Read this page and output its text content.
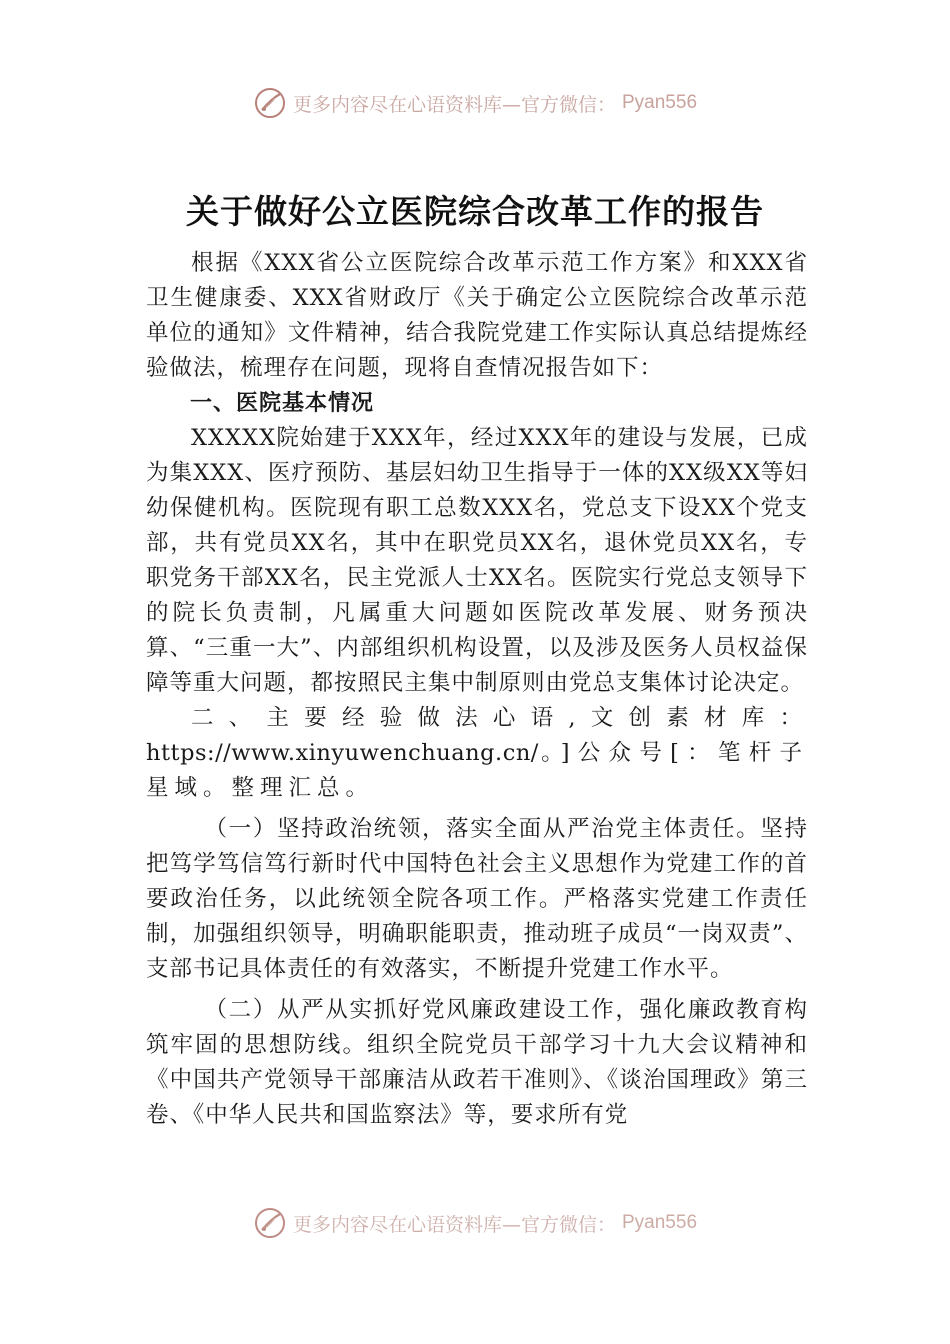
更多内容尽在心语资料库—官方微信： Pyan556
关于做好公立医院综合改革工作的报告

根据《XXX省公立医院综合改革示范工作方案》和XXX省卫生健康委、XXX省财政厅《关于确定公立医院综合改革示范单位的通知》文件精神，结合我院党建工作实际认真总结提炼经验做法，梳理存在问题，现将自查情况报告如下：

一、医院基本情况

XXXXX院始建于XXX年，经过XXX年的建设与发展，已成为集XXX、医疗预防、基层妇幼卫生指导于一体的XX级XX等妇幼保健机构。医院现有职工总数XXX名，党总支下设XX个党支部，共有党员XX名，其中在职党员XX名，退休党员XX名，专职党务干部XX名，民主党派人士XX名。医院实行党总支领导下的院长负责制，凡属重大问题如医院改革发展、财务预决算、“三重一大”、内部组织机构设置，以及涉及医务人员权益保障等重大问题，都按照民主集中制原则由党总支集体讨论决定。

二、主要经验做法心语,文创素材库：https://www.xinyuwenchuang.cn/。]公众号[：笔杆子星域。整理汇总。

（一）坚持政治统领，落实全面从严治党主体责任。坚持把笃学笃信笃行新时代中国特色社会主义思想作为党建工作的首要政治任务，以此统领全院各项工作。严格落实党建工作责任制，加强组织领导，明确职能职责，推动班子成员“一岗双责”、支部书记具体责任的有效落实，不断提升党建工作水平。

（二）从严从实抓好党风廉政建设工作，强化廉政教育构筑牢固的思想防线。组织全院党员干部学习十九大会议精神和《中国共产党领导干部廉洁从政若干准则》、《谈治国理政》第三卷、《中华人民共和国监察法》等，要求所有党

更多内容尽在心语资料库—官方微信： Pyan556
